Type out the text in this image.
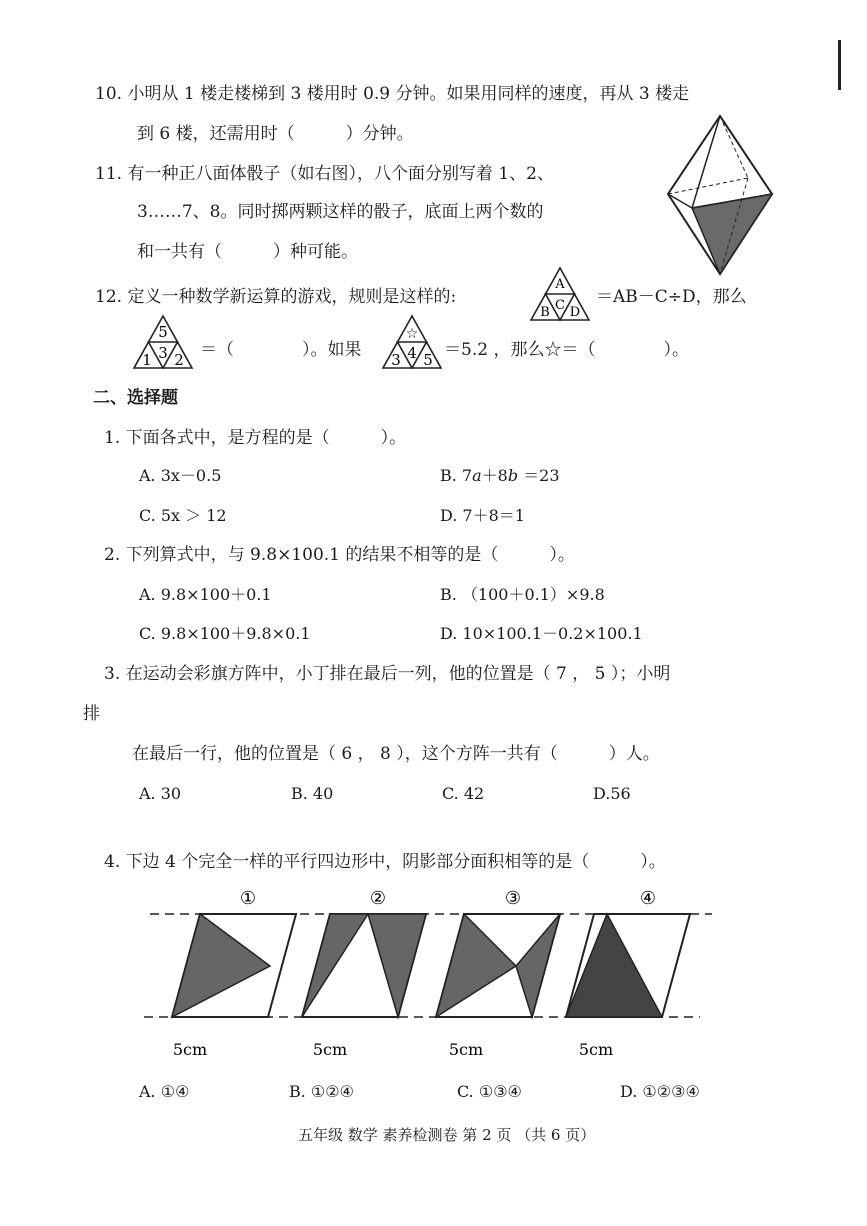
10. 小明从 1 楼走楼梯到 3 楼用时 0.9 分钟。如果用同样的速度，再从 3 楼走
到 6 楼，还需用时（　　　）分钟。
11. 有一种正八面体骰子（如右图），八个面分别写着 1、2、
3……7、8。同时掷两颗这样的骰子，底面上两个数的
和一共有（　　　）种可能。
12. 定义一种数学新运算的游戏，规则是这样的:
A
B C D
＝AB－C÷D，那么
5
1 3 2 ＝（　　　　）。如果
☆
3 4 5 ＝5.2 ，那么☆＝（　　　　）。
二、选择题
1. 下面各式中，是方程的是（　　　）。
A. 3x－0.5	B. 7a＋8b ＝23
C. 5x ＞ 12	D. 7＋8＝1
2. 下列算式中，与 9.8×100.1 的结果不相等的是（　　　）。
A. 9.8×100＋0.1	B. （100＋0.1）×9.8
C. 9.8×100＋9.8×0.1	D. 10×100.1－0.2×100.1
3. 在运动会彩旗方阵中，小丁排在最后一列，他的位置是（ 7 ， 5 ）；小明
排
在最后一行，他的位置是（ 6 ， 8 ），这个方阵一共有（　　　）人。
A. 30	B. 40	C. 42	D.56
4. 下边 4 个完全一样的平行四边形中，阴影部分面积相等的是（　　　）。
①	②	③	④
5cm	5cm	5cm	5cm
A. ①④	B. ①②④	C. ①③④	D. ①②③④
五年级 数学 素养检测卷 第 2 页 （共 6 页）
